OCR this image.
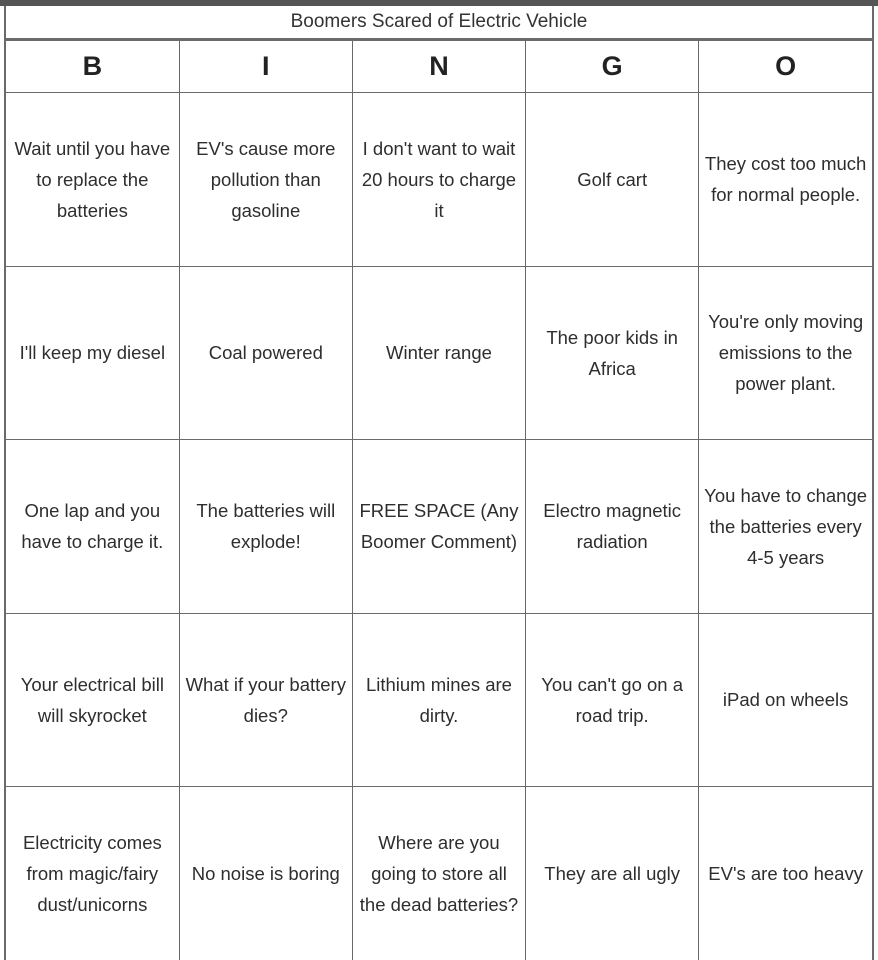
Boomers Scared of Electric Vehicle
B	I	N	G	O
Wait until you have to replace the batteries	EV's cause more pollution than gasoline	I don't want to wait 20 hours to charge it	Golf cart	They cost too much for normal people.
I'll keep my diesel	Coal powered	Winter range	The poor kids in Africa	You're only moving emissions to the power plant.
One lap and you have to charge it.	The batteries will explode!	FREE SPACE (Any Boomer Comment)	Electro magnetic radiation	You have to change the batteries every 4-5 years
Your electrical bill will skyrocket	What if your battery dies?	Lithium mines are dirty.	You can't go on a road trip.	iPad on wheels
Electricity comes from magic/fairy dust/unicorns	No noise is boring	Where are you going to store all the dead batteries?	They are all ugly	EV's are too heavy
